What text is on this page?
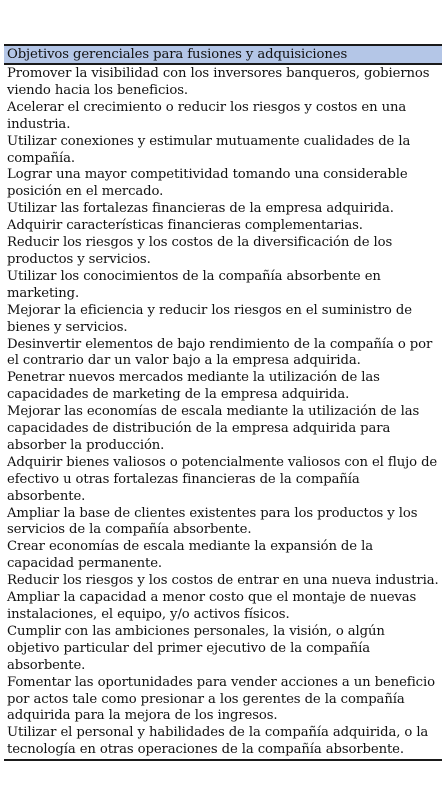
Objetivos gerenciales para fusiones y adquisiciones
Promover la visibilidad con los inversores banqueros, gobiernos viendo hacia los beneficios.
Acelerar el crecimiento o reducir los riesgos y costos en una industria.
Utilizar conexiones y estimular mutuamente cualidades de la compañía.
Lograr una mayor competitividad tomando una considerable posición en el mercado.
Utilizar las fortalezas financieras de la empresa adquirida.
Adquirir características financieras complementarias.
Reducir los riesgos y los costos de la diversificación de los productos y servicios.
Utilizar los conocimientos de la compañía absorbente en marketing.
Mejorar la eficiencia y reducir los riesgos en el suministro de bienes y servicios.
Desinvertir elementos de bajo rendimiento de la compañía o por el contrario dar un valor bajo a la empresa adquirida.
Penetrar nuevos mercados mediante la utilización de las capacidades de marketing de la empresa adquirida.
Mejorar las economías de escala mediante la utilización de las capacidades de distribución de la empresa adquirida para absorber la producción.
Adquirir bienes valiosos o potencialmente valiosos con el flujo de efectivo u otras fortalezas financieras de la compañía absorbente.
Ampliar la base de clientes existentes para los productos y los servicios de la compañía absorbente.
Crear economías de escala mediante la expansión de la capacidad permanente.
Reducir los riesgos y los costos de entrar en una nueva industria.
Ampliar la capacidad a menor costo que el montaje de nuevas instalaciones, el equipo, y/o activos físicos.
Cumplir con las ambiciones personales, la visión, o algún objetivo particular del primer ejecutivo de la compañía absorbente.
Fomentar las oportunidades para vender acciones a un beneficio por actos tale como presionar a los gerentes de la compañía adquirida para la mejora de los ingresos.
Utilizar el personal y habilidades de la compañía adquirida, o la tecnología en otras operaciones de la compañía absorbente.
